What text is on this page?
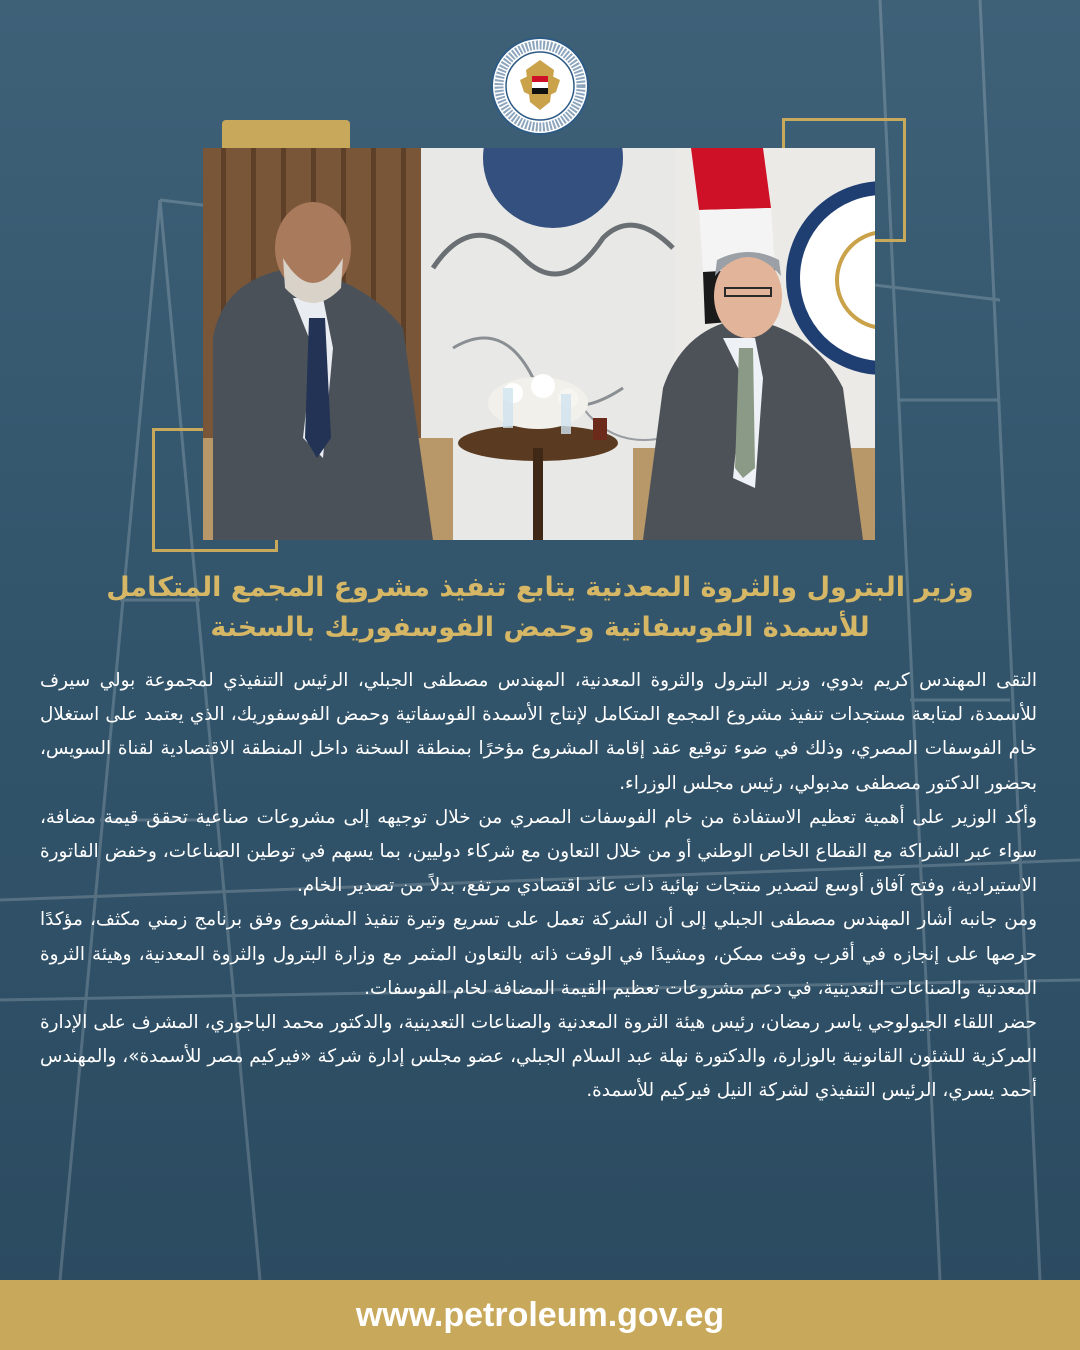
وزير البترول والثروة المعدنية يتابع تنفيذ مشروع المجمع المتكامل
للأسمدة الفوسفاتية وحمض الفوسفوريك بالسخنة

التقى المهندس كريم بدوي، وزير البترول والثروة المعدنية، المهندس مصطفى الجبلي، الرئيس التنفيذي لمجموعة بولي سيرف للأسمدة، لمتابعة مستجدات تنفيذ مشروع المجمع المتكامل لإنتاج الأسمدة الفوسفاتية وحمض الفوسفوريك، الذي يعتمد على استغلال خام الفوسفات المصري، وذلك في ضوء توقيع عقد إقامة المشروع مؤخرًا بمنطقة السخنة داخل المنطقة الاقتصادية لقناة السويس، بحضور الدكتور مصطفى مدبولي، رئيس مجلس الوزراء.

وأكد الوزير على أهمية تعظيم الاستفادة من خام الفوسفات المصري من خلال توجيهه إلى مشروعات صناعية تحقق قيمة مضافة، سواء عبر الشراكة مع القطاع الخاص الوطني أو من خلال التعاون مع شركاء دوليين، بما يسهم في توطين الصناعات، وخفض الفاتورة الاستيرادية، وفتح آفاق أوسع لتصدير منتجات نهائية ذات عائد اقتصادي مرتفع، بدلاً من تصدير الخام.

ومن جانبه أشار المهندس مصطفى الجبلي إلى أن الشركة تعمل على تسريع وتيرة تنفيذ المشروع وفق برنامج زمني مكثف، مؤكدًا حرصها على إنجازه في أقرب وقت ممكن، ومشيدًا في الوقت ذاته بالتعاون المثمر مع وزارة البترول والثروة المعدنية، وهيئة الثروة المعدنية والصناعات التعدينية، في دعم مشروعات تعظيم القيمة المضافة لخام الفوسفات.

حضر اللقاء الجيولوجي ياسر رمضان، رئيس هيئة الثروة المعدنية والصناعات التعدينية، والدكتور محمد الباجوري، المشرف على الإدارة المركزية للشئون القانونية بالوزارة، والدكتورة نهلة عبد السلام الجبلي، عضو مجلس إدارة شركة «فيركيم مصر للأسمدة»، والمهندس أحمد يسري، الرئيس التنفيذي لشركة النيل فيركيم للأسمدة.

www.petroleum.gov.eg
